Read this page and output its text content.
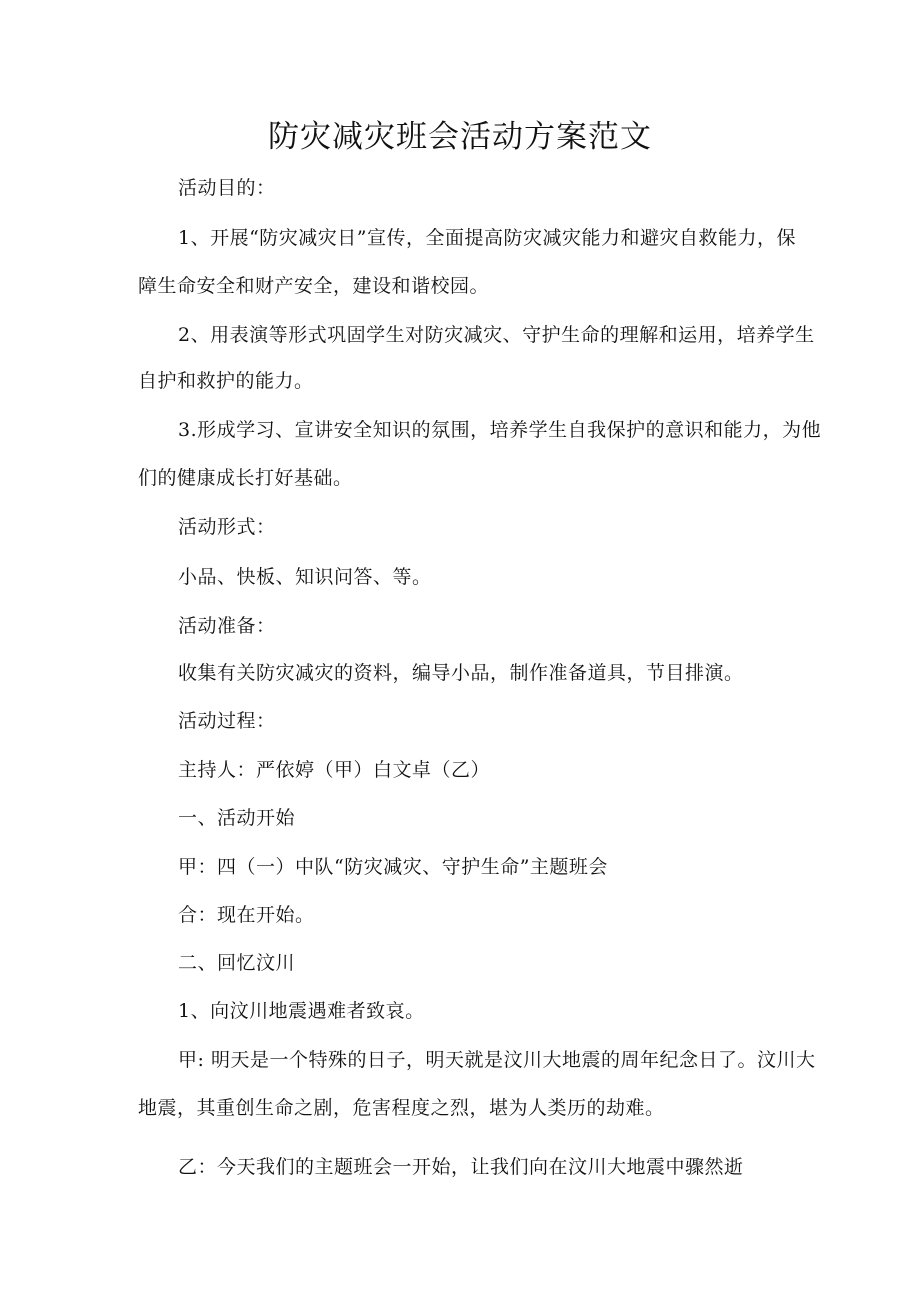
防灾减灾班会活动方案范文
活动目的：
1、开展“防灾减灾日”宣传，全面提高防灾减灾能力和避灾自救能力，保
障生命安全和财产安全，建设和谐校园。
2、用表演等形式巩固学生对防灾减灾、守护生命的理解和运用，培养学生
自护和救护的能力。
3.形成学习、宣讲安全知识的氛围，培养学生自我保护的意识和能力，为他
们的健康成长打好基础。
活动形式：
小品、快板、知识问答、等。
活动准备：
收集有关防灾减灾的资料，编导小品，制作准备道具，节目排演。
活动过程：
主持人：严依婷（甲）白文卓（乙）
一、活动开始
甲：四（一）中队“防灾减灾、守护生命”主题班会
合：现在开始。
二、回忆汶川
1、向汶川地震遇难者致哀。
甲: 明天是一个特殊的日子，明天就是汶川大地震的周年纪念日了。汶川大
地震，其重创生命之剧，危害程度之烈，堪为人类历的劫难。
乙：今天我们的主题班会一开始，让我们向在汶川大地震中骤然逝
